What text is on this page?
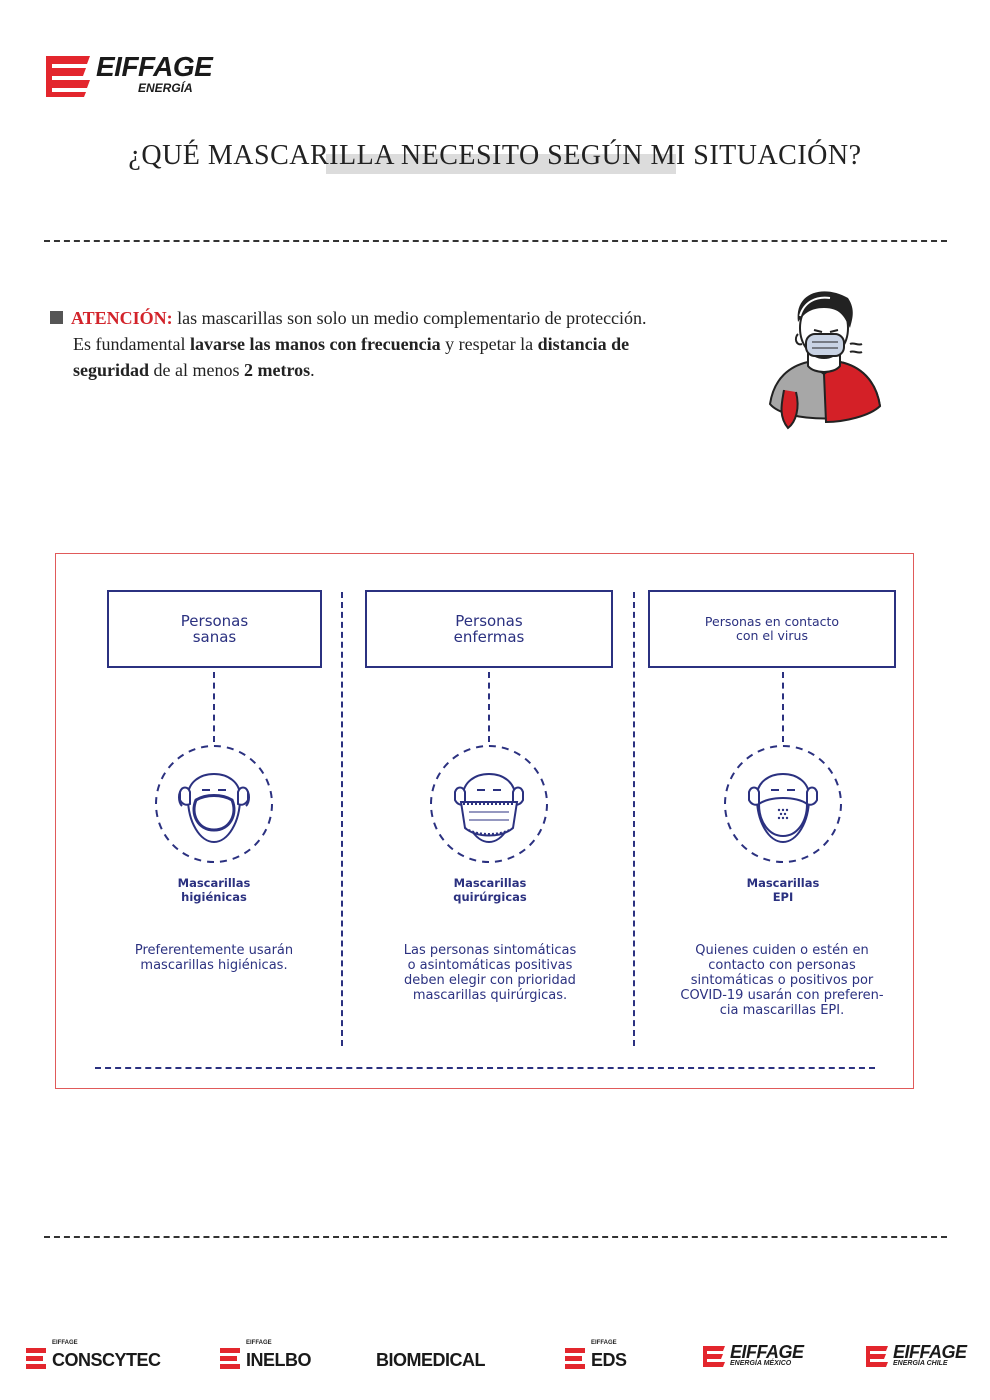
EIFFAGE
ENERGÍA
¿QUÉ MASCARILLA NECESITO SEGÚN MI SITUACIÓN?
ATENCIÓN: las mascarillas son solo un medio complementario de protección.
Es fundamental lavarse las manos con frecuencia y respetar la distancia de
seguridad de al menos 2 metros.
Personas
sanas
Mascarillas
higiénicas
Preferentemente usarán
mascarillas higiénicas.
Personas
enfermas
Mascarillas
quirúrgicas
Las personas sintomáticas
o asintomáticas positivas
deben elegir con prioridad
mascarillas quirúrgicas.
Personas en contacto
con el virus
Mascarillas
EPI
Quienes cuiden o estén en
contacto con personas
sintomáticas o positivos por
COVID-19 usarán con preferen-
cia mascarillas EPI.
EIFFAGE
CONSCYTEC
EIFFAGE
INELBO	BIOMEDICAL
EIFFAGE
EDS	EIFFAGE
ENERGÍA MÉXICO
EIFFAGE
ENERGÍA CHILE
